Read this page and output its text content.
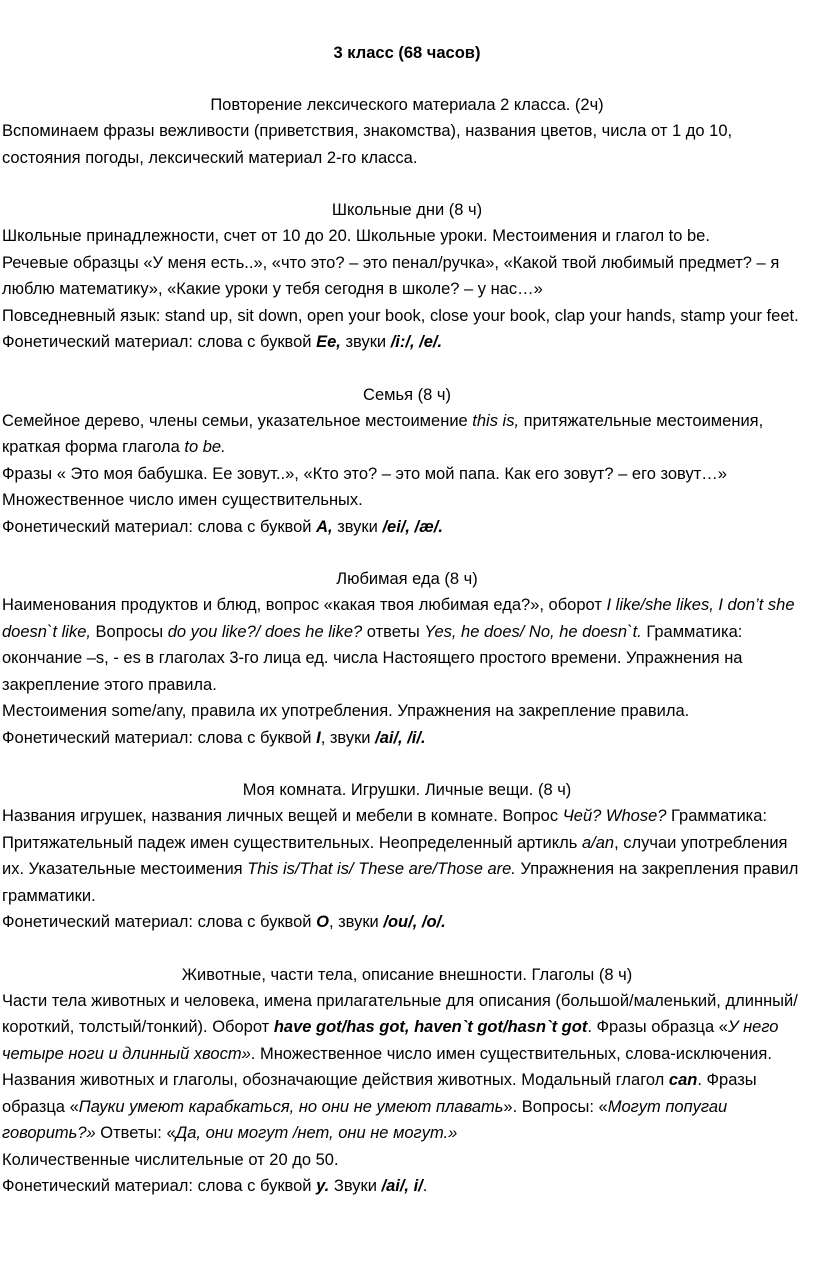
3 класс (68 часов)
Повторение лексического материала 2 класса. (2ч)

Вспоминаем фразы вежливости (приветствия, знакомства), названия цветов, числа от 1 до 10, состояния погоды, лексический материал 2-го класса.

Школьные дни (8 ч)

Школьные принадлежности, счет от 10 до 20. Школьные уроки. Местоимения и глагол to be.

Речевые образцы «У меня есть..», «что это? – это пенал/ручка», «Какой твой любимый предмет? – я люблю математику», «Какие уроки у тебя сегодня в школе? – у нас…»

Повседневный язык: stand up, sit down, open your book, close your book, clap your hands, stamp your feet.

Фонетический материал: слова с буквой Ee, звуки /i:/, /e/.

Семья (8 ч)

Семейное дерево, члены семьи, указательное местоимение this is, притяжательные местоимения, краткая форма глагола to be.

Фразы « Это моя бабушка. Ее зовут..», «Кто это? – это мой папа. Как его зовут? – его зовут…»

Множественное число имен существительных.

Фонетический материал: слова с буквой A, звуки /ei/, /æ/.

Любимая еда (8 ч)

Наименования продуктов и блюд, вопрос «какая твоя любимая еда?», оборот I like/she likes, I don’t she doesn`t like, Вопросы do you like?/ does he like? ответы Yes, he does/ No, he doesn`t. Грамматика: окончание –s, - es в глаголах 3-го лица ед. числа Настоящего простого времени. Упражнения на закрепление этого правила.

Местоимения some/any, правила их употребления. Упражнения на закрепление правила.

Фонетический материал: слова с буквой I, звуки /ai/, /i/.

Моя комната. Игрушки. Личные вещи. (8 ч)

Названия игрушек, названия личных вещей и мебели в комнате. Вопрос Чей? Whose? Грамматика: Притяжательный падеж имен существительных. Неопределенный артикль a/an, случаи употребления их. Указательные местоимения This is/That is/ These are/Those are. Упражнения на закрепления правил грамматики.

Фонетический материал: слова с буквой O, звуки /ou/, /o/.

Животные, части тела, описание внешности. Глаголы (8 ч)

Части тела животных и человека, имена прилагательные для описания (большой/маленький, длинный/короткий, толстый/тонкий). Оборот have got/has got, haven`t got/hasn`t got. Фразы образца «У него четыре ноги и длинный хвост». Множественное число имен существительных, слова-исключения.

Названия животных и глаголы, обозначающие действия животных. Модальный глагол can. Фразы образца «Пауки умеют карабкаться, но они не умеют плавать». Вопросы: «Могут попугаи говорить?» Ответы: «Да, они могут /нет, они не могут.»

Количественные числительные от 20 до 50.

Фонетический материал: слова с буквой y. Звуки /ai/, i/.
